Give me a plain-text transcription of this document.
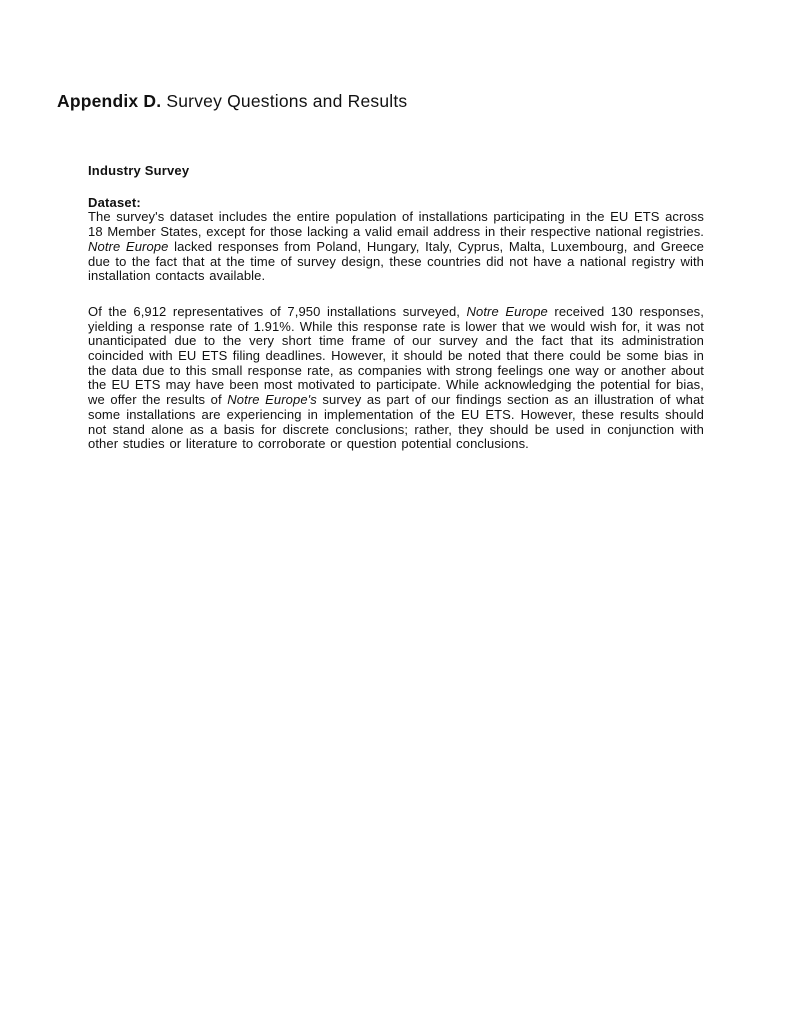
Appendix D. Survey Questions and Results
Industry Survey
Dataset:

The survey's dataset includes the entire population of installations participating in the EU ETS across 18 Member States, except for those lacking a valid email address in their respective national registries. Notre Europe lacked responses from Poland, Hungary, Italy, Cyprus, Malta, Luxembourg, and Greece due to the fact that at the time of survey design, these countries did not have a national registry with installation contacts available.

Of the 6,912 representatives of 7,950 installations surveyed, Notre Europe received 130 responses, yielding a response rate of 1.91%. While this response rate is lower that we would wish for, it was not unanticipated due to the very short time frame of our survey and the fact that its administration coincided with EU ETS filing deadlines. However, it should be noted that there could be some bias in the data due to this small response rate, as companies with strong feelings one way or another about the EU ETS may have been most motivated to participate. While acknowledging the potential for bias, we offer the results of Notre Europe's survey as part of our findings section as an illustration of what some installations are experiencing in implementation of the EU ETS. However, these results should not stand alone as a basis for discrete conclusions; rather, they should be used in conjunction with other studies or literature to corroborate or question potential conclusions.
